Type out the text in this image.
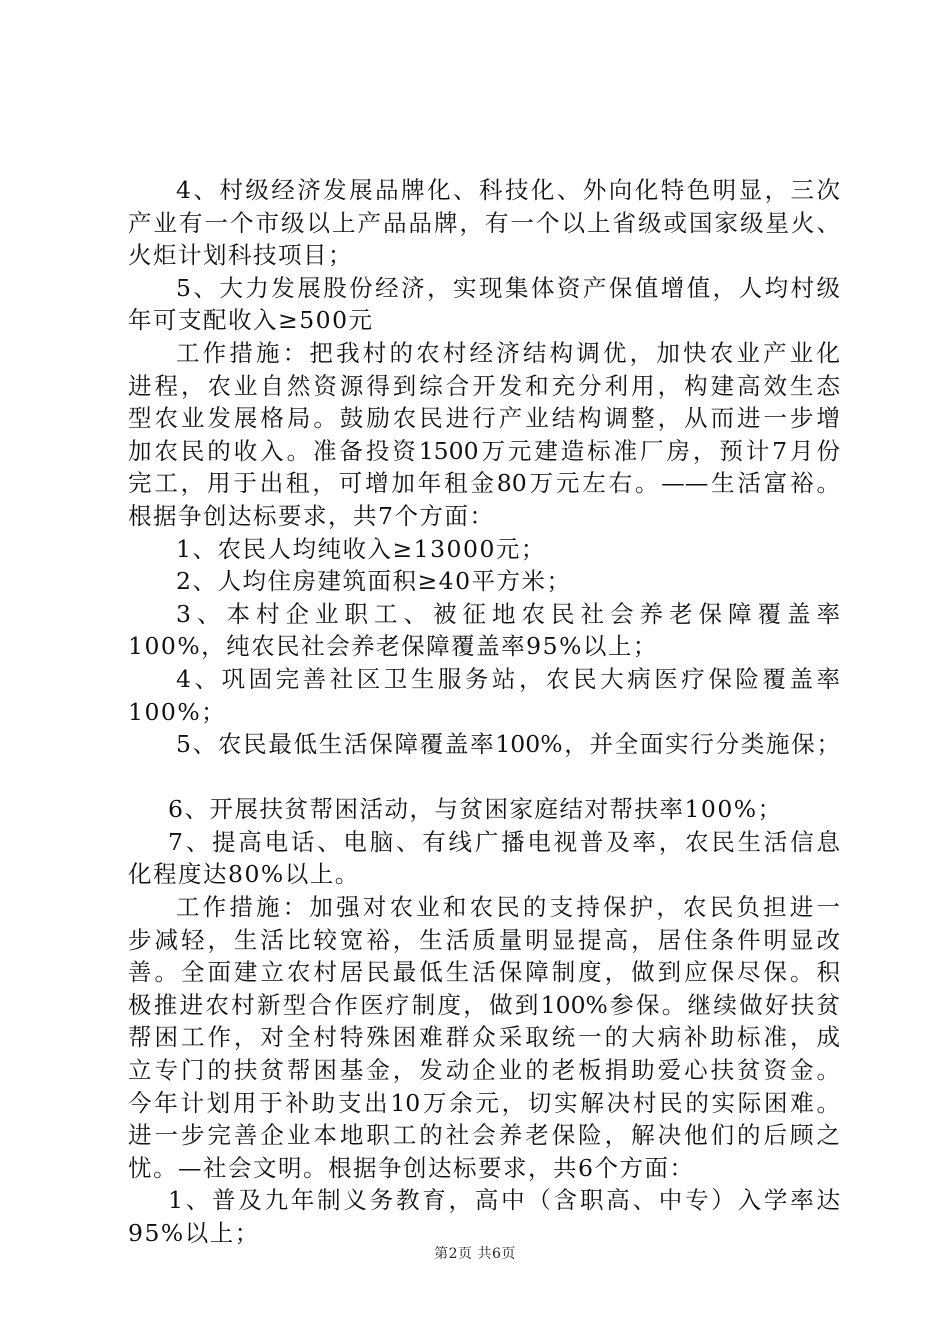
4、村级经济发展品牌化、科技化、外向化特色明显，三次
产业有一个市级以上产品品牌，有一个以上省级或国家级星火、
火炬计划科技项目；
5、大力发展股份经济，实现集体资产保值增值，人均村级
年可支配收入≥500元
工作措施：把我村的农村经济结构调优，加快农业产业化
进程，农业自然资源得到综合开发和充分利用，构建高效生态
型农业发展格局。鼓励农民进行产业结构调整，从而进一步增
加农民的收入。准备投资1500万元建造标准厂房，预计7月份
完工，用于出租，可增加年租金80万元左右。——生活富裕。
根据争创达标要求，共7个方面：
1、农民人均纯收入≥13000元；
2、人均住房建筑面积≥40平方米；
3、本村企业职工、被征地农民社会养老保障覆盖率
100%，纯农民社会养老保障覆盖率95%以上；
4、巩固完善社区卫生服务站，农民大病医疗保险覆盖率
100%；
5、农民最低生活保障覆盖率100%，并全面实行分类施保；
6、开展扶贫帮困活动，与贫困家庭结对帮扶率100%；
7、提高电话、电脑、有线广播电视普及率，农民生活信息
化程度达80%以上。
工作措施：加强对农业和农民的支持保护，农民负担进一
步减轻，生活比较宽裕，生活质量明显提高，居住条件明显改
善。全面建立农村居民最低生活保障制度，做到应保尽保。积
极推进农村新型合作医疗制度，做到100%参保。继续做好扶贫
帮困工作，对全村特殊困难群众采取统一的大病补助标准，成
立专门的扶贫帮困基金，发动企业的老板捐助爱心扶贫资金。
今年计划用于补助支出10万余元，切实解决村民的实际困难。
进一步完善企业本地职工的社会养老保险，解决他们的后顾之
忧。—社会文明。根据争创达标要求，共6个方面：
1、普及九年制义务教育，高中（含职高、中专）入学率达
95%以上；
第2页 共6页
